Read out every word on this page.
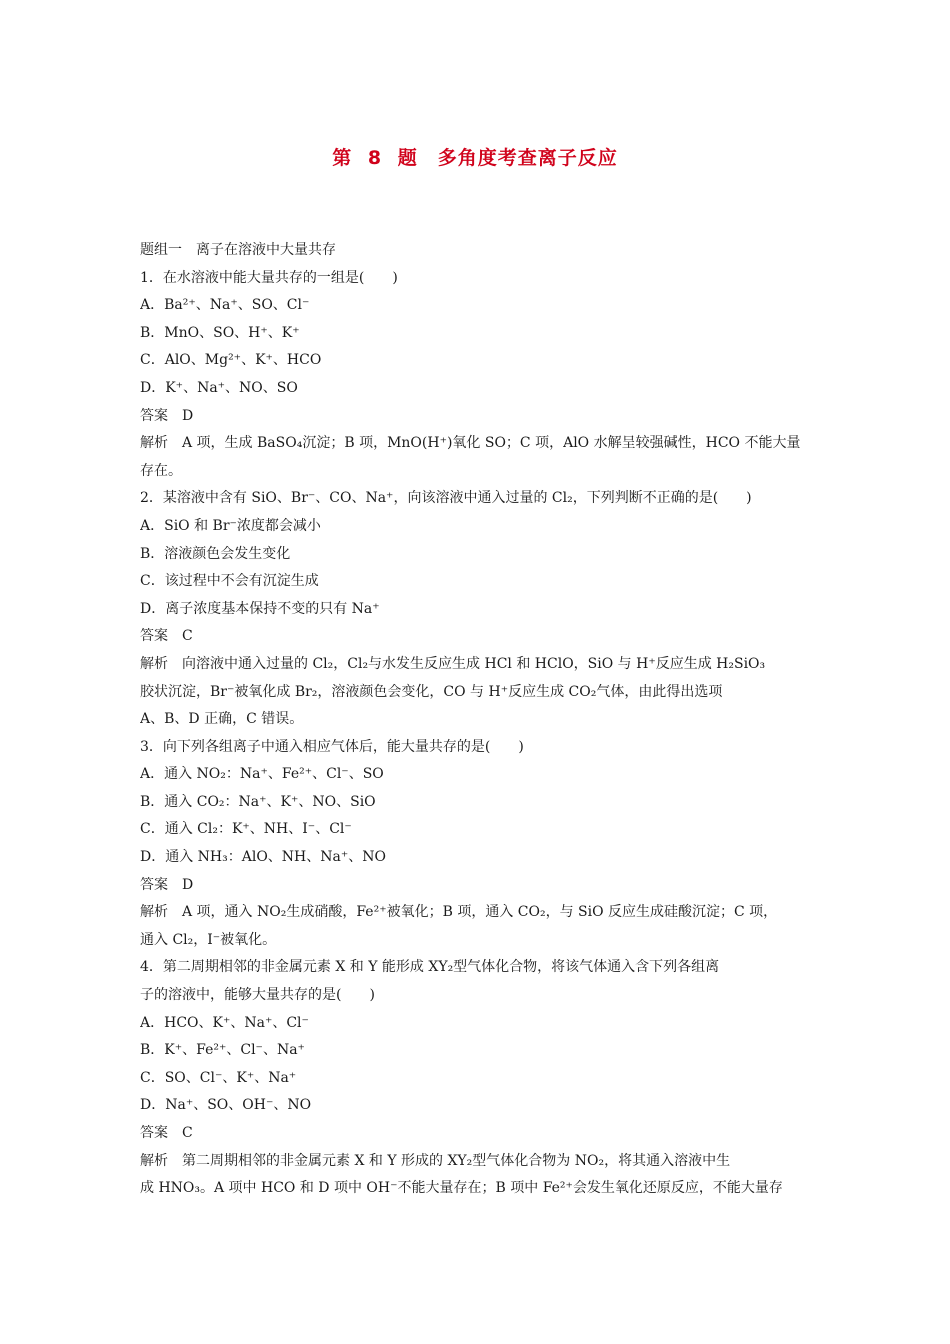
第 8 题　多角度考查离子反应
题组一　离子在溶液中大量共存
1．在水溶液中能大量共存的一组是(　　)
A．Ba²⁺、Na⁺、SO、Cl⁻
B．MnO、SO、H⁺、K⁺
C．AlO、Mg²⁺、K⁺、HCO
D．K⁺、Na⁺、NO、SO
答案　D
解析　A 项，生成 BaSO₄沉淀；B 项，MnO(H⁺)氧化 SO；C 项，AlO 水解呈较强碱性，HCO 不能大量
存在。
2．某溶液中含有 SiO、Br⁻、CO、Na⁺，向该溶液中通入过量的 Cl₂，下列判断不正确的是(　　)
A．SiO 和 Br⁻浓度都会减小
B．溶液颜色会发生变化
C．该过程中不会有沉淀生成
D．离子浓度基本保持不变的只有 Na⁺
答案　C
解析　向溶液中通入过量的 Cl₂，Cl₂与水发生反应生成 HCl 和 HClO，SiO 与 H⁺反应生成 H₂SiO₃
胶状沉淀，Br⁻被氧化成 Br₂，溶液颜色会变化，CO 与 H⁺反应生成 CO₂气体，由此得出选项
A、B、D 正确，C 错误。
3．向下列各组离子中通入相应气体后，能大量共存的是(　　)
A．通入 NO₂：Na⁺、Fe²⁺、Cl⁻、SO
B．通入 CO₂：Na⁺、K⁺、NO、SiO
C．通入 Cl₂：K⁺、NH、I⁻、Cl⁻
D．通入 NH₃：AlO、NH、Na⁺、NO
答案　D
解析　A 项，通入 NO₂生成硝酸，Fe²⁺被氧化；B 项，通入 CO₂，与 SiO 反应生成硅酸沉淀；C 项，
通入 Cl₂，I⁻被氧化。
4．第二周期相邻的非金属元素 X 和 Y 能形成 XY₂型气体化合物，将该气体通入含下列各组离
子的溶液中，能够大量共存的是(　　)
A．HCO、K⁺、Na⁺、Cl⁻
B．K⁺、Fe²⁺、Cl⁻、Na⁺
C．SO、Cl⁻、K⁺、Na⁺
D．Na⁺、SO、OH⁻、NO
答案　C
解析　第二周期相邻的非金属元素 X 和 Y 形成的 XY₂型气体化合物为 NO₂，将其通入溶液中生
成 HNO₃。A 项中 HCO 和 D 项中 OH⁻不能大量存在；B 项中 Fe²⁺会发生氧化还原反应，不能大量存
